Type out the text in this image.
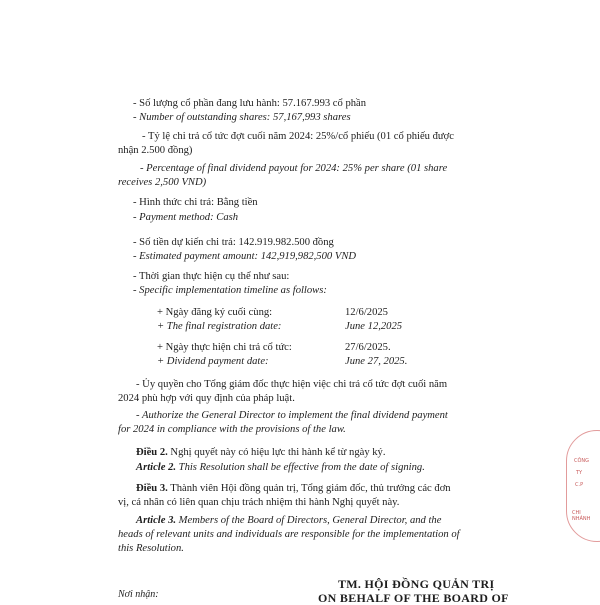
- Số lượng cổ phần đang lưu hành: 57.167.993 cổ phần
- Number of outstanding shares: 57,167,993 shares
- Tỷ lệ chi trả cổ tức đợt cuối năm 2024: 25%/cổ phiếu (01 cổ phiếu được
nhận 2.500 đồng)
- Percentage of final dividend payout for 2024: 25% per share (01 share
receives 2,500 VND)
- Hình thức chi trả: Bằng tiền
- Payment method: Cash
- Số tiền dự kiến chi trả: 142.919.982.500 đồng
- Estimated payment amount: 142,919,982,500 VND
- Thời gian thực hiện cụ thể như sau:
- Specific implementation timeline as follows:
+ Ngày đăng ký cuối cùng:	12/6/2025
+ The final registration date:	June 12,2025
+ Ngày thực hiện chi trả cổ tức:	27/6/2025.
+ Dividend payment date:	June 27, 2025.
- Ủy quyền cho Tổng giám đốc thực hiện việc chi trả cổ tức đợt cuối năm
2024 phù hợp với quy định của pháp luật.
- Authorize the General Director to implement the final dividend payment
for 2024 in compliance with the provisions of the law.
Điều 2. Nghị quyết này có hiệu lực thi hành kể từ ngày ký.
Article 2. This Resolution shall be effective from the date of signing.
Điều 3. Thành viên Hội đồng quản trị, Tổng giám đốc, thủ trưởng các đơn
vị, cá nhân có liên quan chịu trách nhiệm thi hành Nghị quyết này.
Article 3. Members of the Board of Directors, General Director, and the
heads of relevant units and individuals are responsible for the implementation of
this Resolution.
Nơi nhận:
TM. HỘI ĐỒNG QUẢN TRỊ
ON BEHALF OF THE BOARD OF
CÔNG
TY
C.P
CHI NHÁNH
